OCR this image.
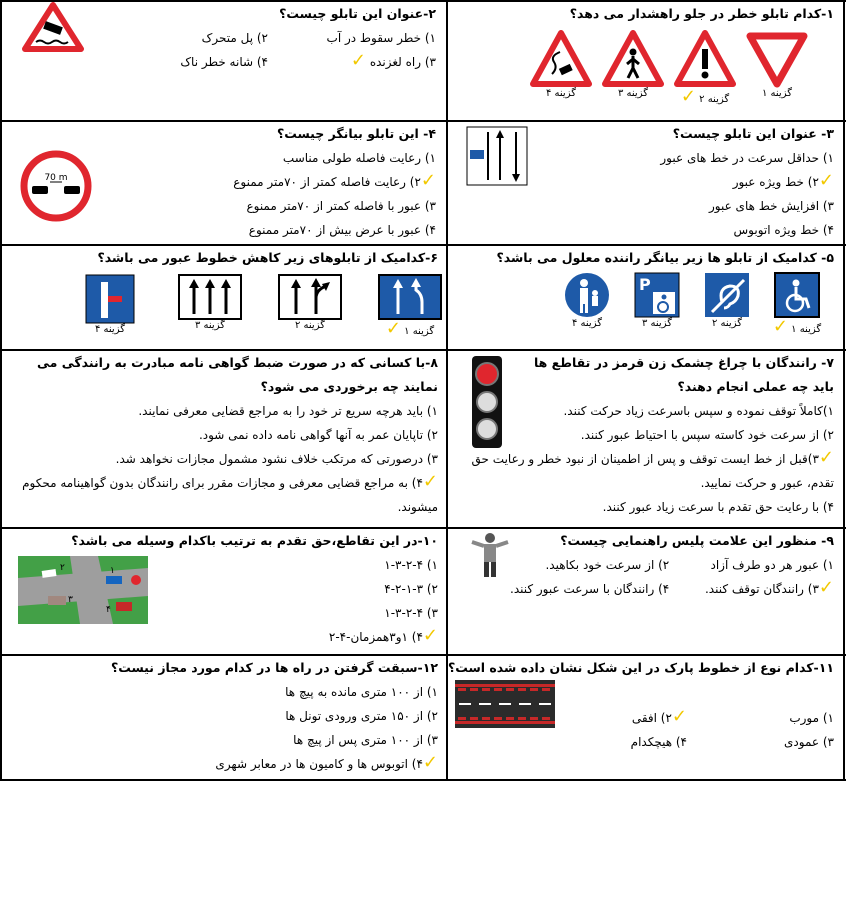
۱-کدام تابلو خطر در جلو راهشدار می دهد؟
گزینه ۴	گزینه ۳
گزینه ۲ ✓	گزینه ۱
۲-عنوان این تابلو چیست؟
۱) خطر سقوط در آب
۲) پل متحرک
۳) راه لغزنده ✓
۴) شانه خطر ناک
۳- عنوان این تابلو چیست؟
۱) حداقل سرعت در خط های عبور
✓۲) خط ویژه عبور
۳) افزایش خط های عبور
۴) خط ویژه اتوبوس
۴- این تابلو بیانگر چیست؟
۱) رعایت فاصله طولی مناسب
✓۲) رعایت فاصله کمتر از ۷۰متر ممنوع
۳) عبور با فاصله کمتر از ۷۰متر ممنوع
۴) عبور با عرض بیش از ۷۰متر ممنوع
70 m
۵- کدامیک از تابلو ها زیر بیانگر راننده معلول می باشد؟
گزینه ۴
P
گزینه ۳	گزینه ۲
گزینه ۱ ✓
۶-کدامیک از تابلوهای زیر کاهش خطوط عبور می باشد؟
گزینه ۴	گزینه ۳	گزینه ۲
گزینه ۱ ✓
۷- رانندگان با چراغ چشمک زن قرمز در تقاطع ها باید چه عملی انجام دهند؟
۱)کاملاً توقف نموده و سپس باسرعت زیاد حرکت کنند.
۲) از سرعت خود کاسته سپس با احتیاط عبور کنند.
✓۳)قبل از خط ایست توقف و پس از اطمینان از نبود خطر و رعایت حق تقدم، عبور و حرکت نمایید.
۴) با رعایت حق تقدم با سرعت زیاد عبور کنند.
۸-با کسانی که در صورت ضبط گواهی نامه مبادرت به رانندگی می نمایند چه برخوردی می شود؟
۱) باید هرچه سریع تر خود را به مراجع قضایی معرفی نمایند.
۲) تاپایان عمر به آنها گواهی نامه داده نمی شود.
۳) درصورتی که مرتکب خلاف نشود مشمول مجازات نخواهد شد.
✓۴) به مراجع قضایی معرفی و مجازات مقرر برای رانندگان بدون گواهینامه محکوم میشوند.
۹- منظور این علامت پلیس راهنمایی چیست؟
۱) عبور هر دو طرف آزاد
۲) از سرعت خود بکاهید.
✓۳) رانندگان توقف کنند.
۴) رانندگان با سرعت عبور کنند.
۱۰-در این تقاطع،حق تقدم به ترتیب باکدام وسیله می باشد؟
۱) ۱-۳-۲-۴
۲) ۴-۲-۱-۳
۳) ۱-۳-۲-۴
✓۴) ۱و۳همزمان-۴-۲
۲	۱
۳
۴
۱۱-کدام نوع از خطوط پارک در این شکل نشان داده شده است؟
۱) مورب
✓۲) افقی
۳) عمودی
۴) هیچکدام
۱۲-سبقت گرفتن در راه ها در کدام مورد مجاز نیست؟
۱) از ۱۰۰ متری مانده به پیچ ها
۲) از ۱۵۰ متری ورودی تونل ها
۳) از ۱۰۰ متری پس از پیچ ها
✓۴) اتوبوس ها و کامیون ها در معابر شهری
